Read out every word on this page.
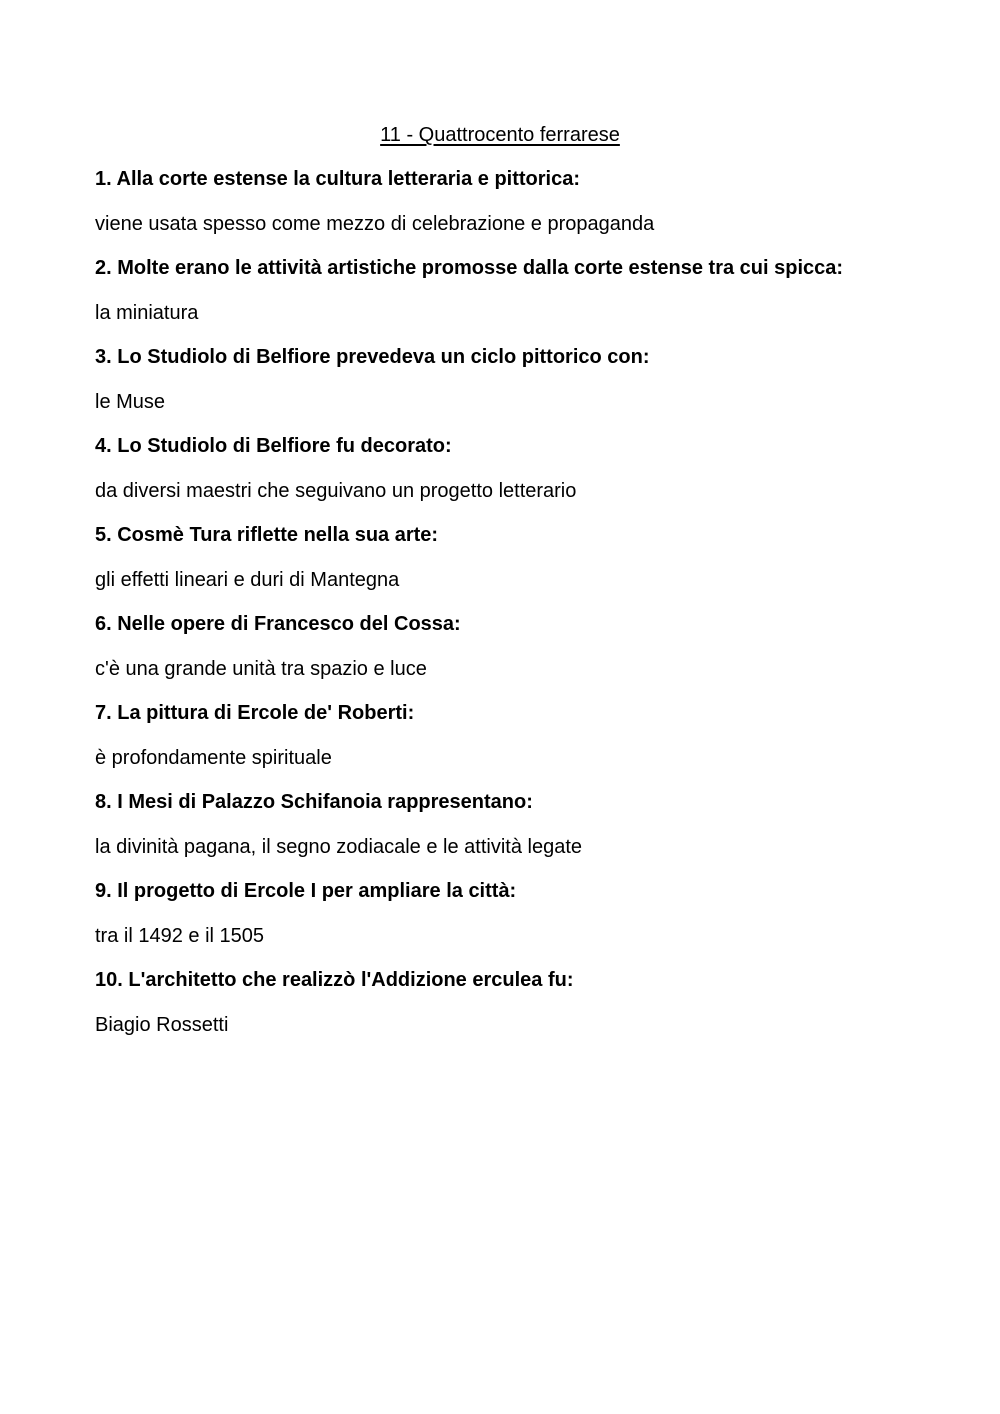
11 - Quattrocento ferrarese

1. Alla corte estense la cultura letteraria e pittorica:

viene usata spesso come mezzo di celebrazione e propaganda

2. Molte erano le attività artistiche promosse dalla corte estense tra cui spicca:

la miniatura

3. Lo Studiolo di Belfiore prevedeva un ciclo pittorico con:

le Muse

4. Lo Studiolo di Belfiore fu decorato:

da diversi maestri che seguivano un progetto letterario

5. Cosmè Tura riflette nella sua arte:

gli effetti lineari e duri di Mantegna

6. Nelle opere di Francesco del Cossa:

c'è una grande unità tra spazio e luce

7. La pittura di Ercole de' Roberti:

è profondamente spirituale

8. I Mesi di Palazzo Schifanoia rappresentano:

la divinità pagana, il segno zodiacale e le attività legate

9. Il progetto di Ercole I per ampliare la città:

tra il 1492 e il 1505

10. L'architetto che realizzò l'Addizione erculea fu:

Biagio Rossetti
